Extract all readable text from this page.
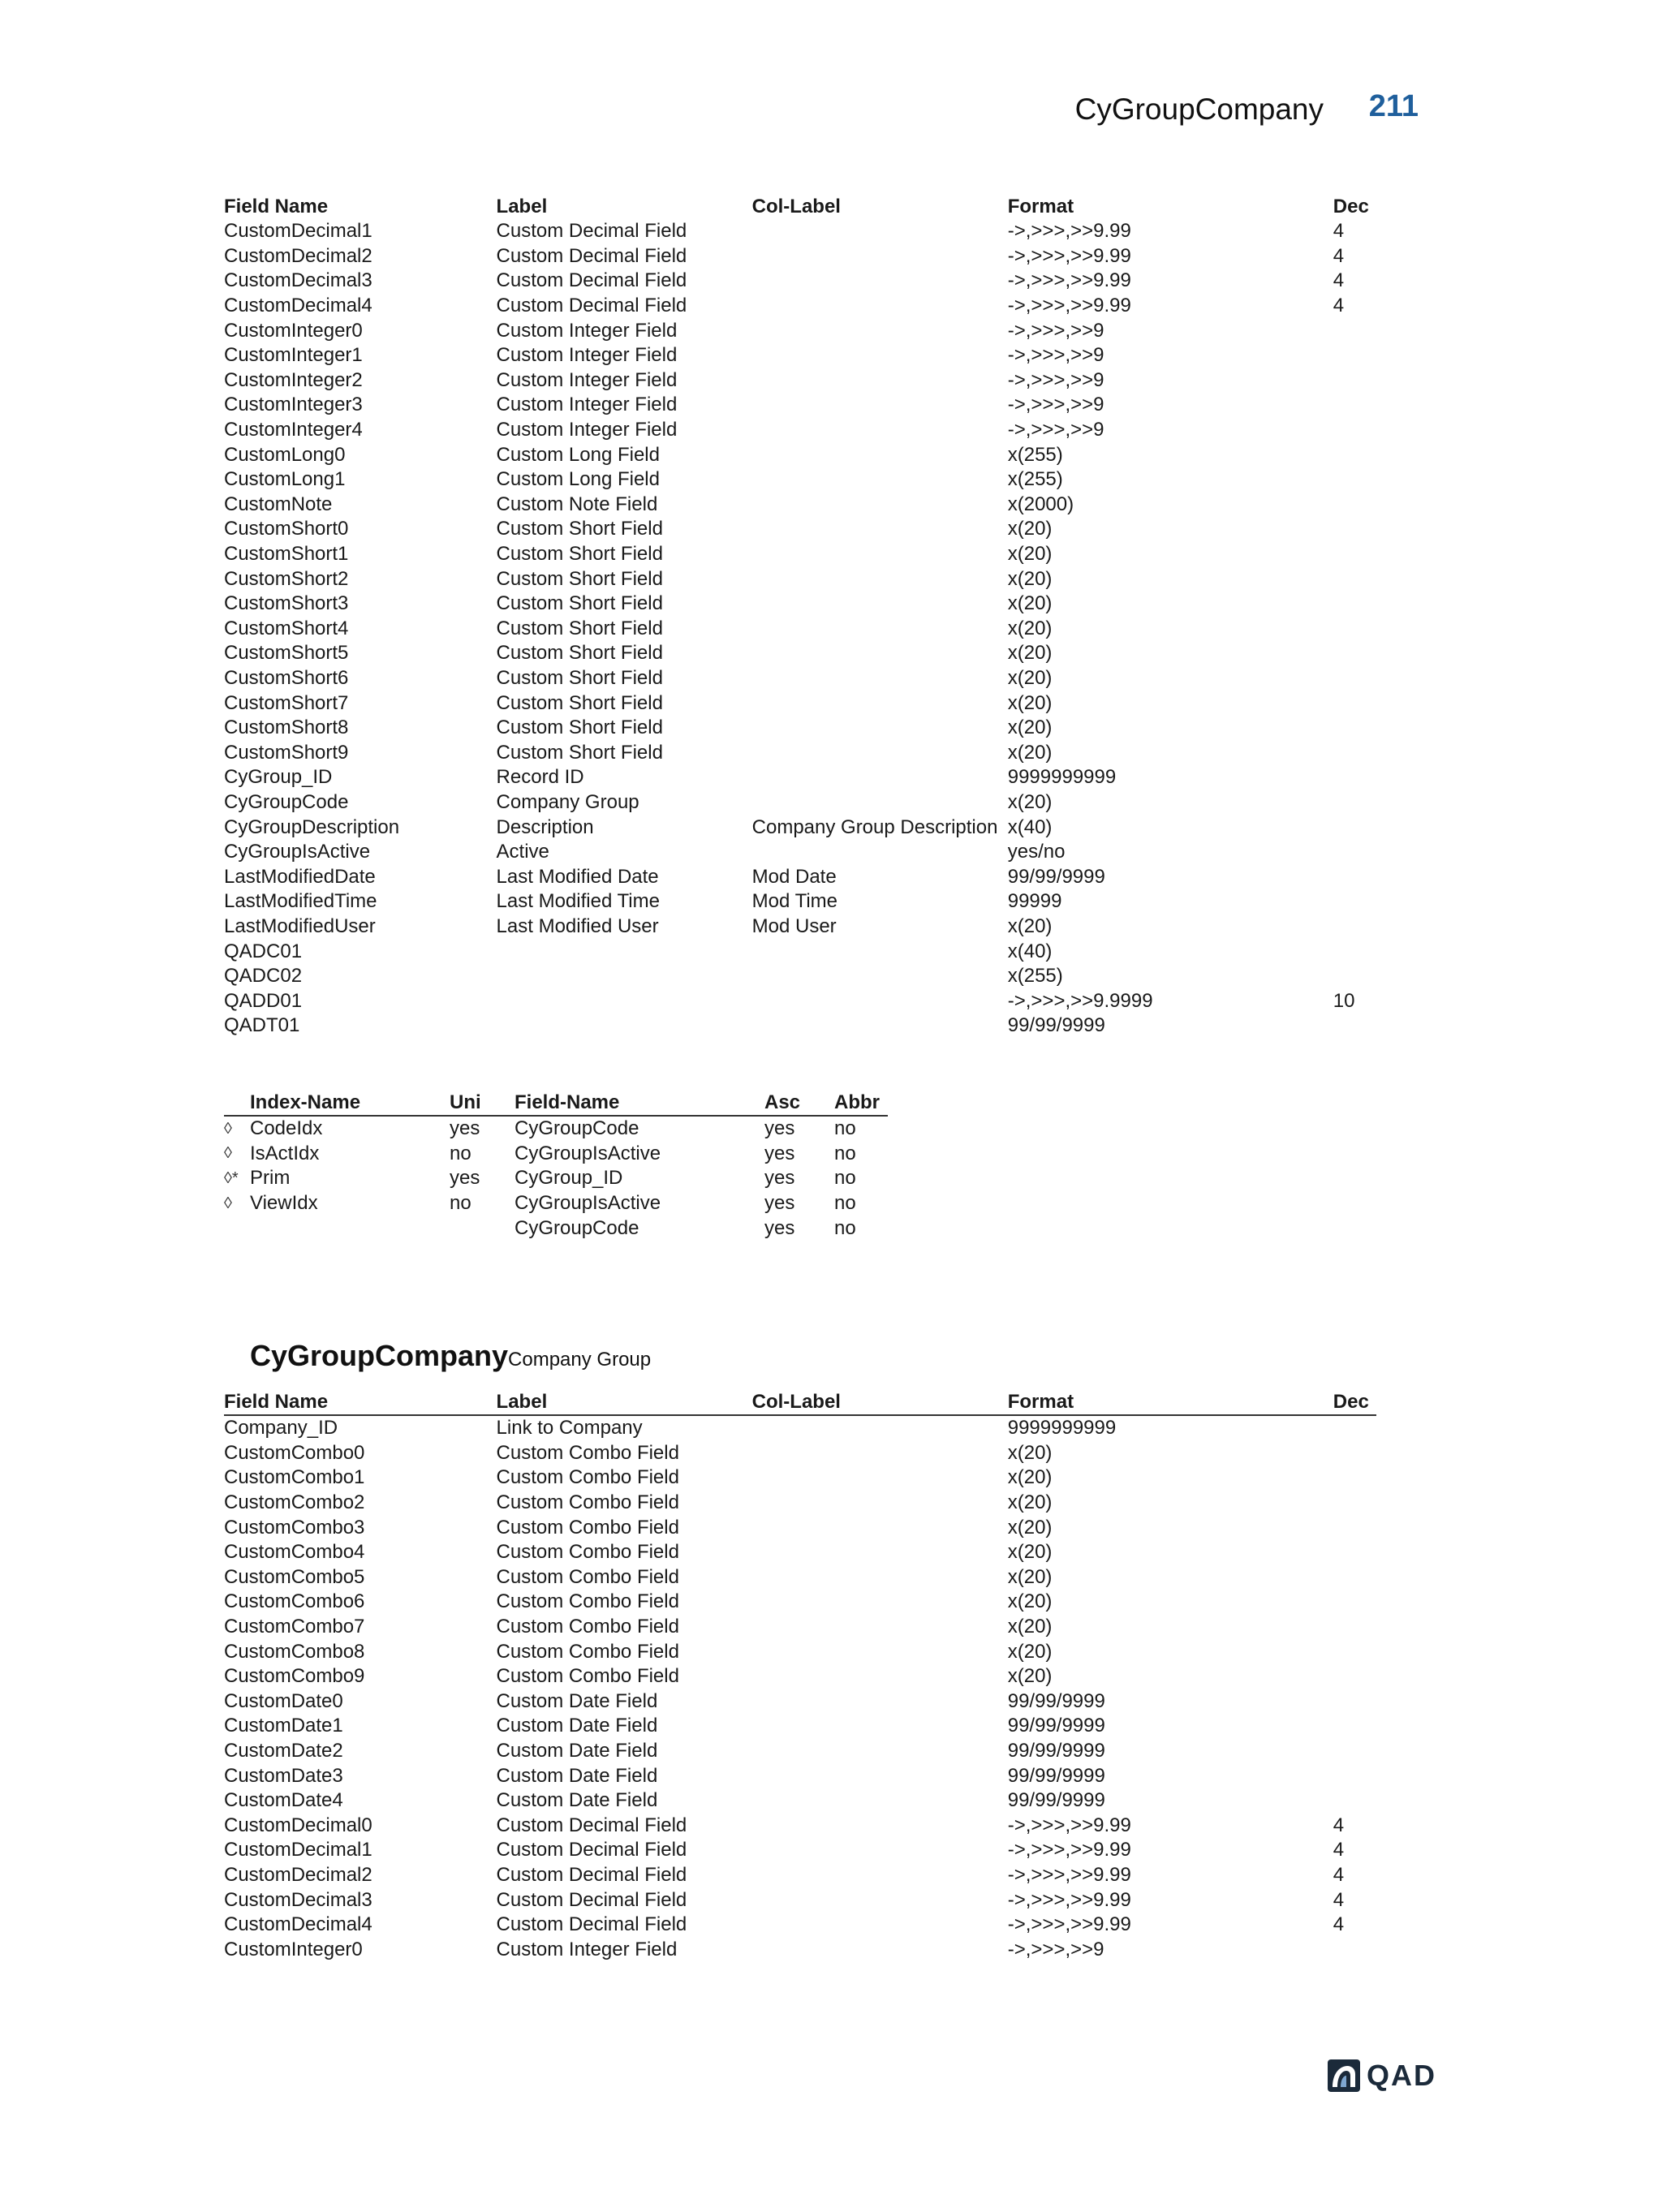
CyGroupCompany 211
Field Name	Label	Col-Label	Format	Dec
CustomDecimal1	Custom Decimal Field		->,>>>,>>9.99	4
CustomDecimal2	Custom Decimal Field		->,>>>,>>9.99	4
CustomDecimal3	Custom Decimal Field		->,>>>,>>9.99	4
CustomDecimal4	Custom Decimal Field		->,>>>,>>9.99	4
CustomInteger0	Custom Integer Field		->,>>>,>>9	
CustomInteger1	Custom Integer Field		->,>>>,>>9	
CustomInteger2	Custom Integer Field		->,>>>,>>9	
CustomInteger3	Custom Integer Field		->,>>>,>>9	
CustomInteger4	Custom Integer Field		->,>>>,>>9	
CustomLong0	Custom Long Field		x(255)	
CustomLong1	Custom Long Field		x(255)	
CustomNote	Custom Note Field		x(2000)	
CustomShort0	Custom Short Field		x(20)	
CustomShort1	Custom Short Field		x(20)	
CustomShort2	Custom Short Field		x(20)	
CustomShort3	Custom Short Field		x(20)	
CustomShort4	Custom Short Field		x(20)	
CustomShort5	Custom Short Field		x(20)	
CustomShort6	Custom Short Field		x(20)	
CustomShort7	Custom Short Field		x(20)	
CustomShort8	Custom Short Field		x(20)	
CustomShort9	Custom Short Field		x(20)	
CyGroup_ID	Record ID		9999999999	
CyGroupCode	Company Group		x(20)	
CyGroupDescription	Description	Company Group Description	x(40)	
CyGroupIsActive	Active		yes/no	
LastModifiedDate	Last Modified Date	Mod Date	99/99/9999	
LastModifiedTime	Last Modified Time	Mod Time	99999	
LastModifiedUser	Last Modified User	Mod User	x(20)	
QADC01			x(40)	
QADC02			x(255)	
QADD01			->,>>>,>>9.9999	10
QADT01			99/99/9999	
	Index-Name	Uni	Field-Name	Asc	Abbr
◊	CodeIdx	yes	CyGroupCode	yes	no
◊	IsActIdx	no	CyGroupIsActive	yes	no
◊*	Prim	yes	CyGroup_ID	yes	no
◊	ViewIdx	no	CyGroupIsActive	yes	no
			CyGroupCode	yes	no
CyGroupCompanyCompany Group
Field Name	Label	Col-Label	Format	Dec
Company_ID	Link to Company		9999999999	
CustomCombo0	Custom Combo Field		x(20)	
CustomCombo1	Custom Combo Field		x(20)	
CustomCombo2	Custom Combo Field		x(20)	
CustomCombo3	Custom Combo Field		x(20)	
CustomCombo4	Custom Combo Field		x(20)	
CustomCombo5	Custom Combo Field		x(20)	
CustomCombo6	Custom Combo Field		x(20)	
CustomCombo7	Custom Combo Field		x(20)	
CustomCombo8	Custom Combo Field		x(20)	
CustomCombo9	Custom Combo Field		x(20)	
CustomDate0	Custom Date Field		99/99/9999	
CustomDate1	Custom Date Field		99/99/9999	
CustomDate2	Custom Date Field		99/99/9999	
CustomDate3	Custom Date Field		99/99/9999	
CustomDate4	Custom Date Field		99/99/9999	
CustomDecimal0	Custom Decimal Field		->,>>>,>>9.99	4
CustomDecimal1	Custom Decimal Field		->,>>>,>>9.99	4
CustomDecimal2	Custom Decimal Field		->,>>>,>>9.99	4
CustomDecimal3	Custom Decimal Field		->,>>>,>>9.99	4
CustomDecimal4	Custom Decimal Field		->,>>>,>>9.99	4
CustomInteger0	Custom Integer Field		->,>>>,>>9	
QAD
